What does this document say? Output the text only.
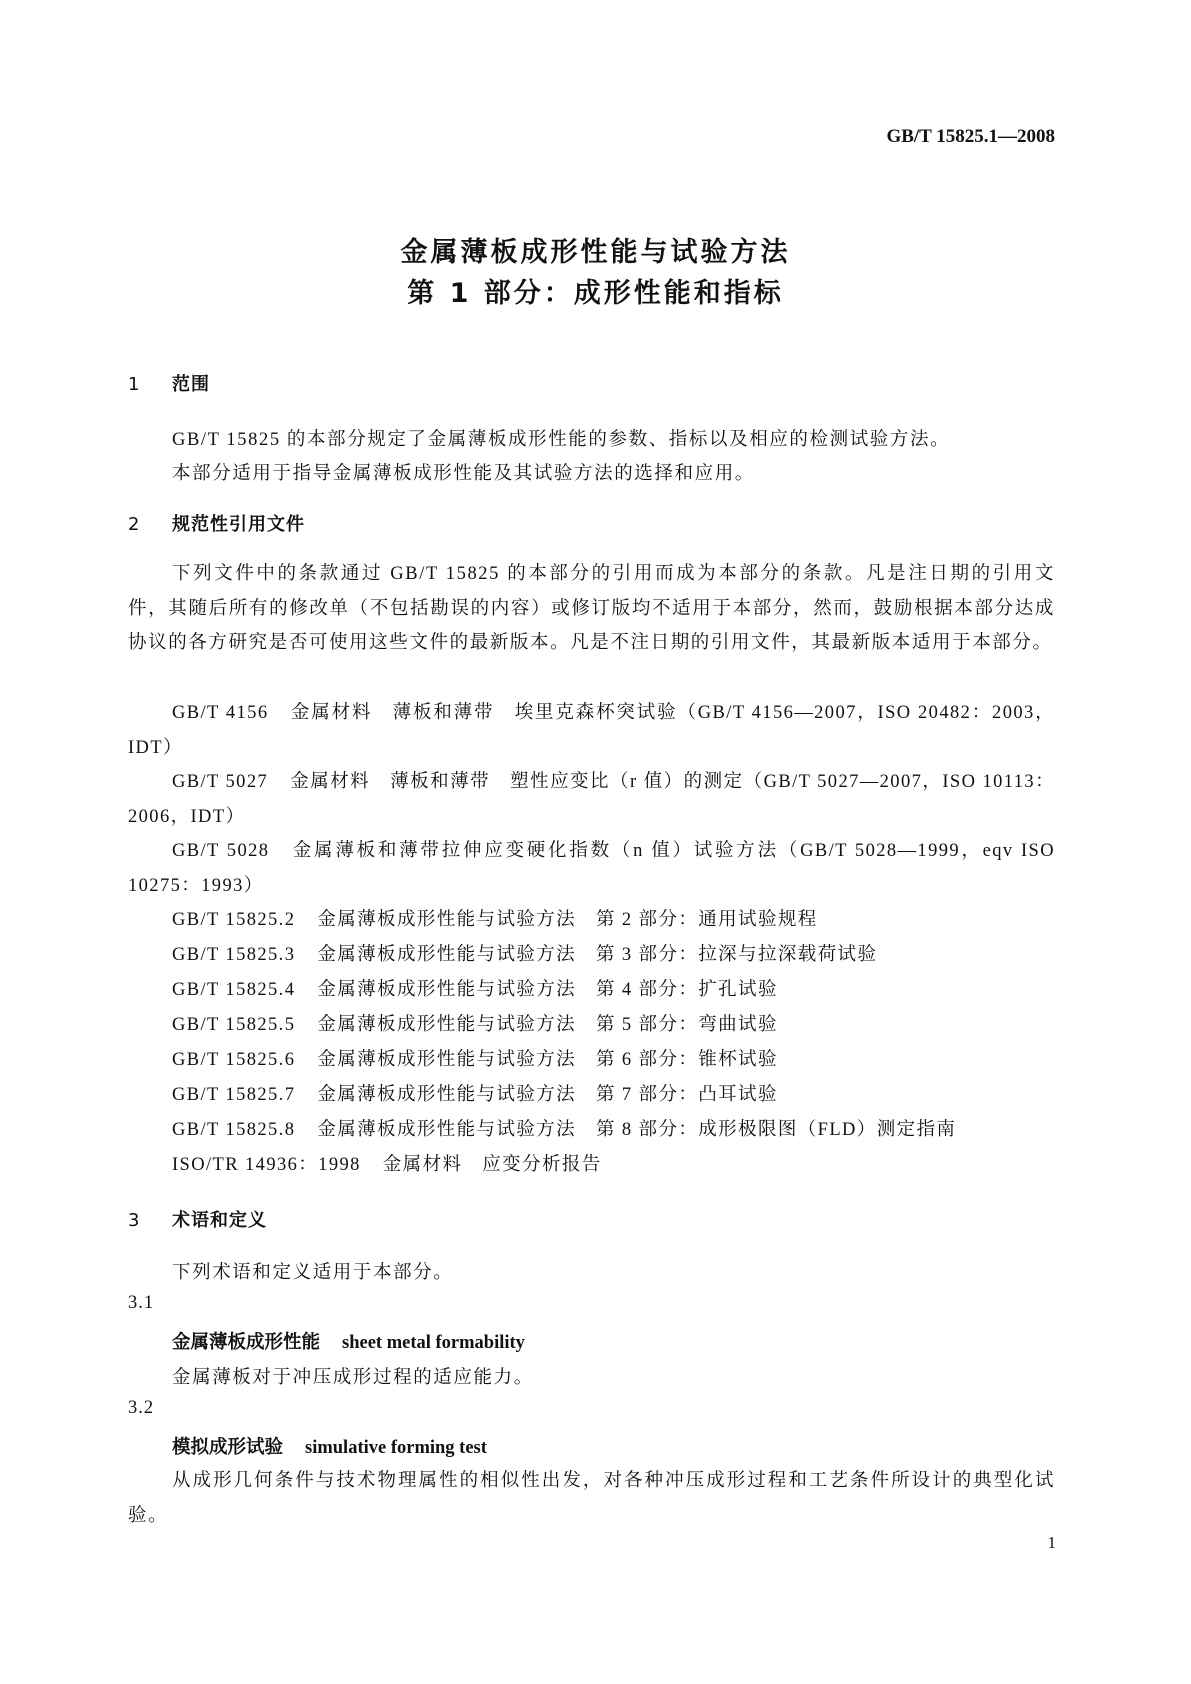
GB/T 15825.1—2008
金属薄板成形性能与试验方法
第 1 部分：成形性能和指标
1 范围
GB/T 15825 的本部分规定了金属薄板成形性能的参数、指标以及相应的检测试验方法。
本部分适用于指导金属薄板成形性能及其试验方法的选择和应用。
2 规范性引用文件
下列文件中的条款通过 GB/T 15825 的本部分的引用而成为本部分的条款。凡是注日期的引用文件，其随后所有的修改单（不包括勘误的内容）或修订版均不适用于本部分，然而，鼓励根据本部分达成协议的各方研究是否可使用这些文件的最新版本。凡是不注日期的引用文件，其最新版本适用于本部分。
GB/T 4156 金属材料　薄板和薄带　埃里克森杯突试验（GB/T 4156—2007，ISO 20482：2003，IDT）
GB/T 5027 金属材料　薄板和薄带　塑性应变比（r 值）的测定（GB/T 5027—2007，ISO 10113：2006，IDT）
GB/T 5028 金属薄板和薄带拉伸应变硬化指数（n 值）试验方法（GB/T 5028—1999，eqv ISO 10275：1993）
GB/T 15825.2 金属薄板成形性能与试验方法　第 2 部分：通用试验规程
GB/T 15825.3 金属薄板成形性能与试验方法　第 3 部分：拉深与拉深载荷试验
GB/T 15825.4 金属薄板成形性能与试验方法　第 4 部分：扩孔试验
GB/T 15825.5 金属薄板成形性能与试验方法　第 5 部分：弯曲试验
GB/T 15825.6 金属薄板成形性能与试验方法　第 6 部分：锥杯试验
GB/T 15825.7 金属薄板成形性能与试验方法　第 7 部分：凸耳试验
GB/T 15825.8 金属薄板成形性能与试验方法　第 8 部分：成形极限图（FLD）测定指南
ISO/TR 14936：1998 金属材料　应变分析报告
3 术语和定义
下列术语和定义适用于本部分。
3.1
金属薄板成形性能 sheet metal formability
金属薄板对于冲压成形过程的适应能力。
3.2
模拟成形试验 simulative forming test
从成形几何条件与技术物理属性的相似性出发，对各种冲压成形过程和工艺条件所设计的典型化试验。
1
